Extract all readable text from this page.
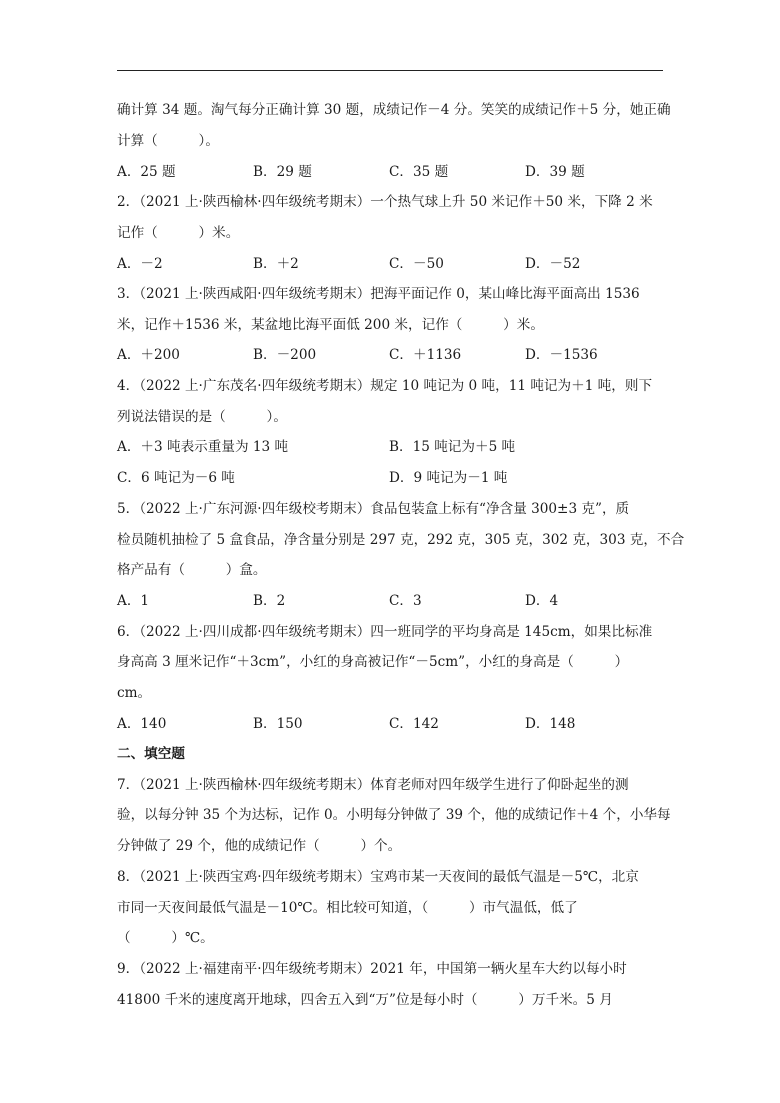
确计算 34 题。淘气每分正确计算 30 题，成绩记作－4 分。笑笑的成绩记作＋5 分，她正确
计算（　　　）。

A．25 题

	B．29 题

	C．35 题

	D．39 题

2．（2021 上·陕西榆林·四年级统考期末）一个热气球上升 50 米记作＋50 米，下降 2 米
记作（　　　）米。

A．－2

	B．＋2

	C．－50

	D．－52

3．（2021 上·陕西咸阳·四年级统考期末）把海平面记作 0，某山峰比海平面高出 1536
米，记作＋1536 米，某盆地比海平面低 200 米，记作（　　　）米。

A．＋200

	B．－200

	C．＋1136

	D．－1536

4．（2022 上·广东茂名·四年级统考期末）规定 10 吨记为 0 吨，11 吨记为＋1 吨，则下
列说法错误的是（　　　）。

A．＋3 吨表示重量为 13 吨

	B．15 吨记为＋5 吨

C．6 吨记为－6 吨

	D．9 吨记为－1 吨

5．（2022 上·广东河源·四年级校考期末）食品包装盒上标有“净含量 300±3 克”，质
检员随机抽检了 5 盒食品，净含量分别是 297 克，292 克，305 克，302 克，303 克，不合
格产品有（　　　）盒。

A．1

	B．2

	C．3

	D．4

6．（2022 上·四川成都·四年级统考期末）四一班同学的平均身高是 145cm，如果比标准
身高高 3 厘米记作“＋3cm”，小红的身高被记作“－5cm”，小红的身高是（　　　）
cm。

A．140

	B．150

	C．142

	D．148

二、填空题
7．（2021 上·陕西榆林·四年级统考期末）体育老师对四年级学生进行了仰卧起坐的测
验，以每分钟 35 个为达标，记作 0。小明每分钟做了 39 个，他的成绩记作＋4 个，小华每
分钟做了 29 个，他的成绩记作（　　　）个。
8．（2021 上·陕西宝鸡·四年级统考期末）宝鸡市某一天夜间的最低气温是－5℃，北京
市同一天夜间最低气温是－10℃。相比较可知道，（　　　）市气温低，低了
（　　　）℃。
9．（2022 上·福建南平·四年级统考期末）2021 年，中国第一辆火星车大约以每小时
41800 千米的速度离开地球，四舍五入到“万”位是每小时（　　　）万千米。5 月
